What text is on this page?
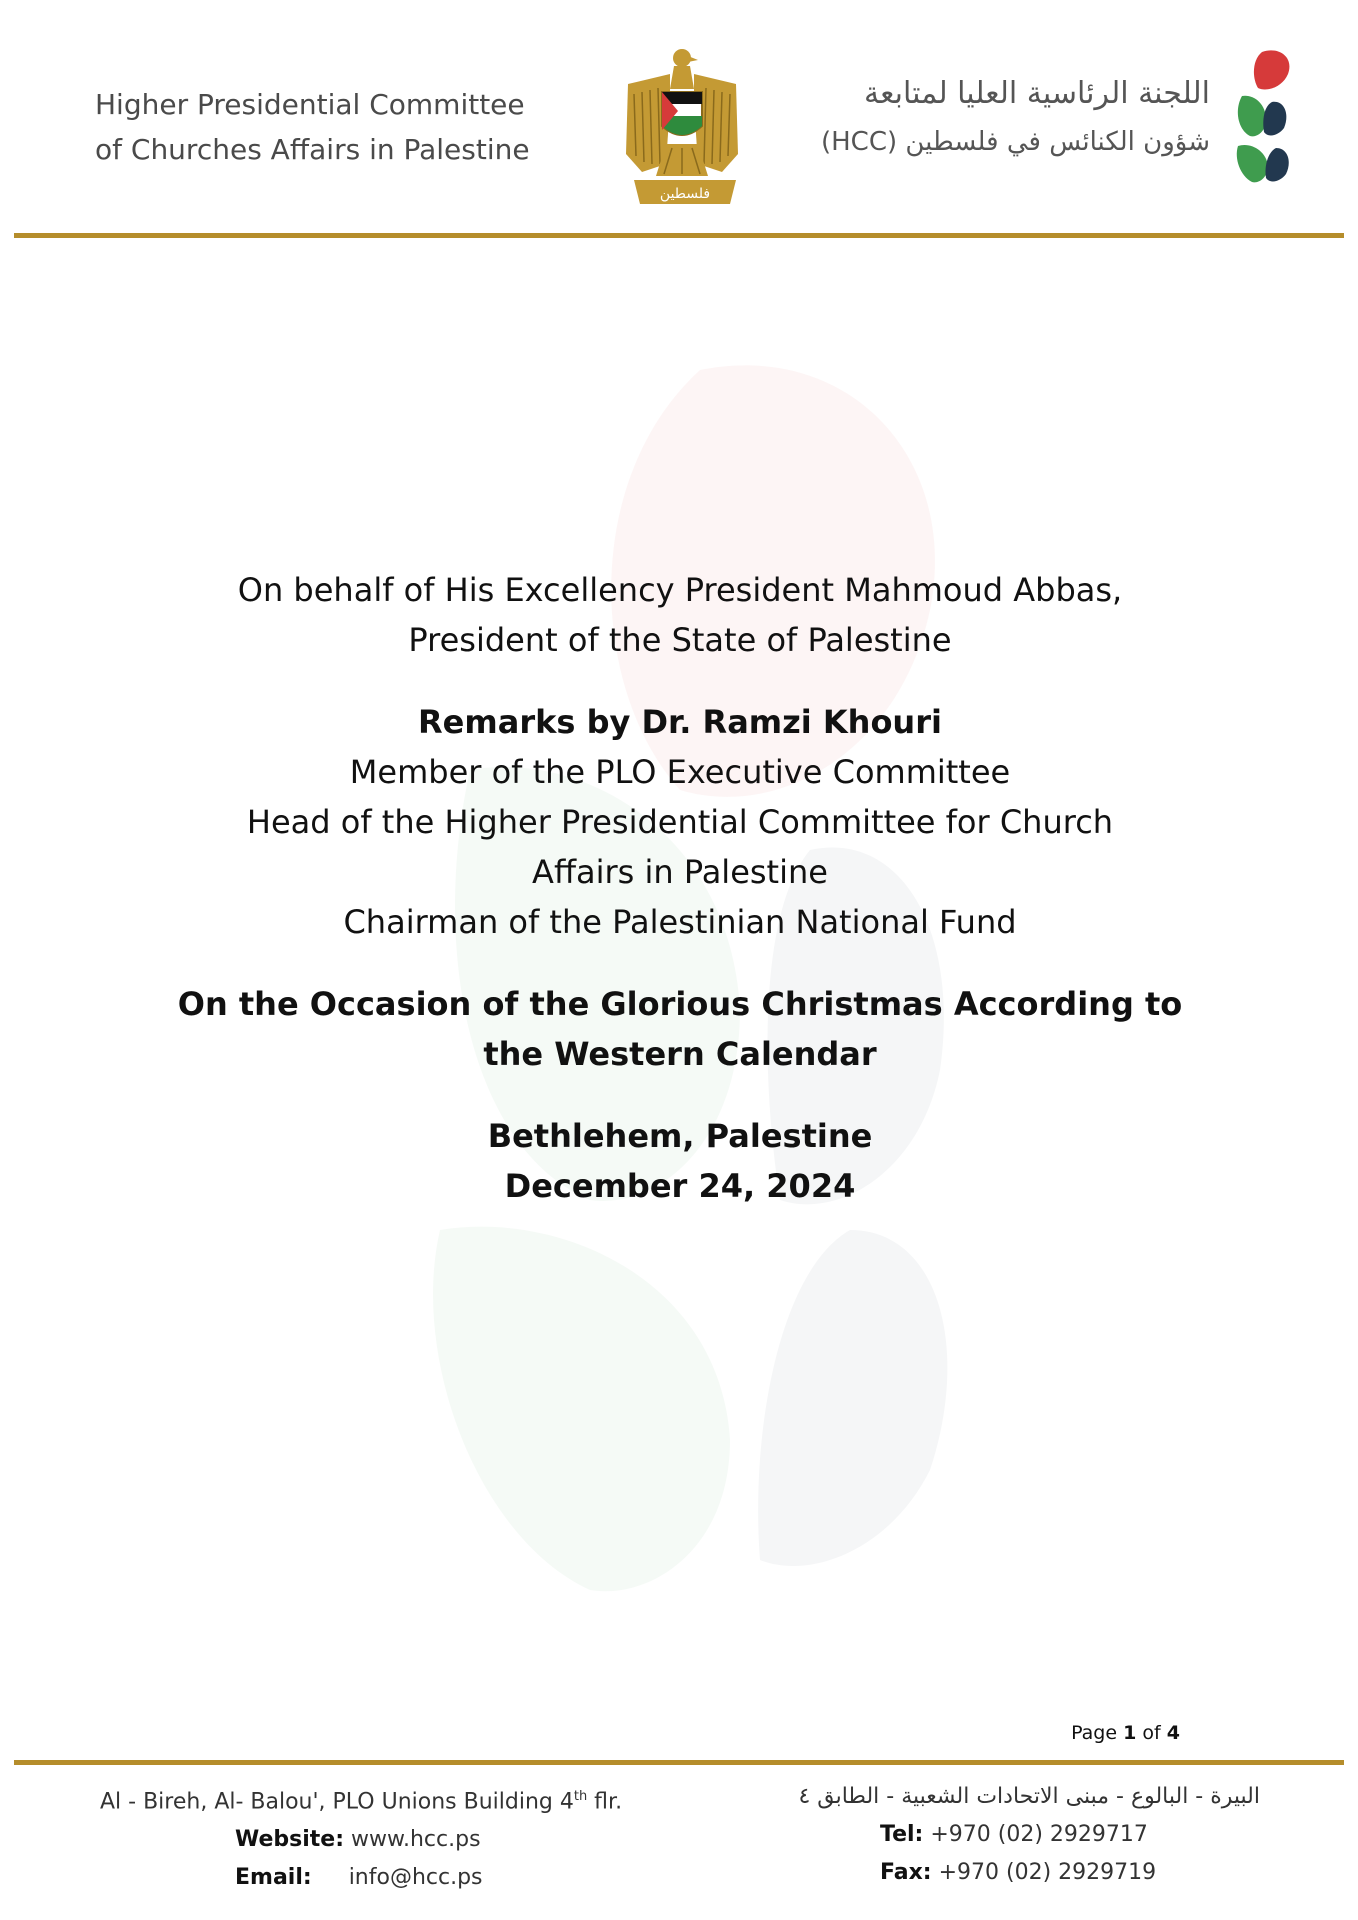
Higher Presidential Committee
of Churches Affairs in Palestine
فلسطين
اللجنة الرئاسية العليا لمتابعة
شؤون الكنائس في فلسطين (HCC)

On behalf of His Excellency President Mahmoud Abbas,

President of the State of Palestine

Remarks by Dr. Ramzi Khouri

Member of the PLO Executive Committee

Head of the Higher Presidential Committee for Church

Affairs in Palestine

Chairman of the Palestinian National Fund

On the Occasion of the Glorious Christmas According to

the Western Calendar

Bethlehem, Palestine

December 24, 2024

Page 1 of 4
Al - Bireh, Al- Balou', PLO Unions Building 4th flr.
Website: www.hcc.ps
Email: info@hcc.ps
البيرة - البالوع - مبنى الاتحادات الشعبية - الطابق ٤
Tel: +970 (02) 2929717
Fax: +970 (02) 2929719
